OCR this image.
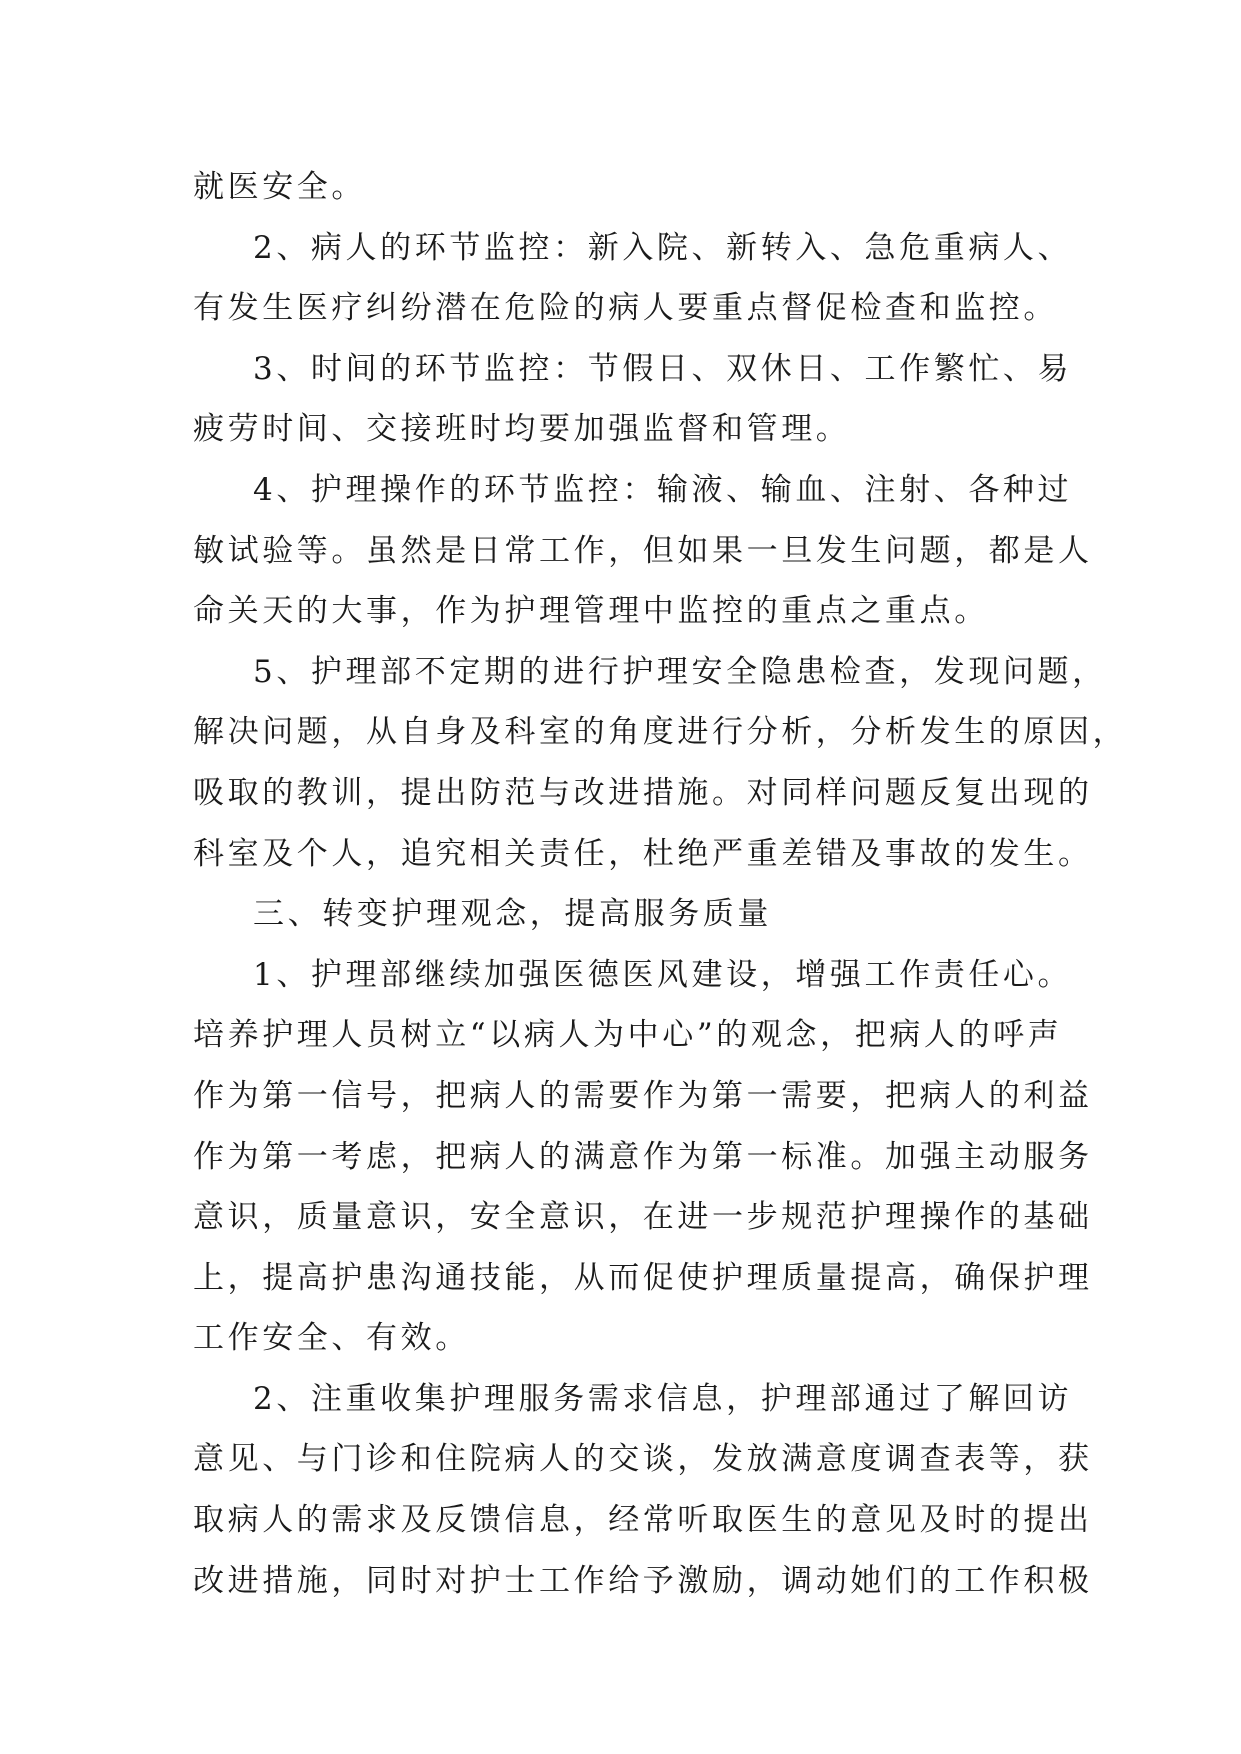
就医安全。
2、病人的环节监控：新入院、新转入、急危重病人、
有发生医疗纠纷潜在危险的病人要重点督促检查和监控。
3、时间的环节监控：节假日、双休日、工作繁忙、易
疲劳时间、交接班时均要加强监督和管理。
4、护理操作的环节监控：输液、输血、注射、各种过
敏试验等。虽然是日常工作，但如果一旦发生问题，都是人
命关天的大事，作为护理管理中监控的重点之重点。
5、护理部不定期的进行护理安全隐患检查，发现问题，
解决问题，从自身及科室的角度进行分析，分析发生的原因，
吸取的教训，提出防范与改进措施。对同样问题反复出现的
科室及个人，追究相关责任，杜绝严重差错及事故的发生。
三、转变护理观念，提高服务质量
1、护理部继续加强医德医风建设，增强工作责任心。
培养护理人员树立“以病人为中心”的观念，把病人的呼声
作为第一信号，把病人的需要作为第一需要，把病人的利益
作为第一考虑，把病人的满意作为第一标准。加强主动服务
意识，质量意识，安全意识，在进一步规范护理操作的基础
上，提高护患沟通技能，从而促使护理质量提高，确保护理
工作安全、有效。
2、注重收集护理服务需求信息，护理部通过了解回访
意见、与门诊和住院病人的交谈，发放满意度调查表等，获
取病人的需求及反馈信息，经常听取医生的意见及时的提出
改进措施，同时对护士工作给予激励，调动她们的工作积极
